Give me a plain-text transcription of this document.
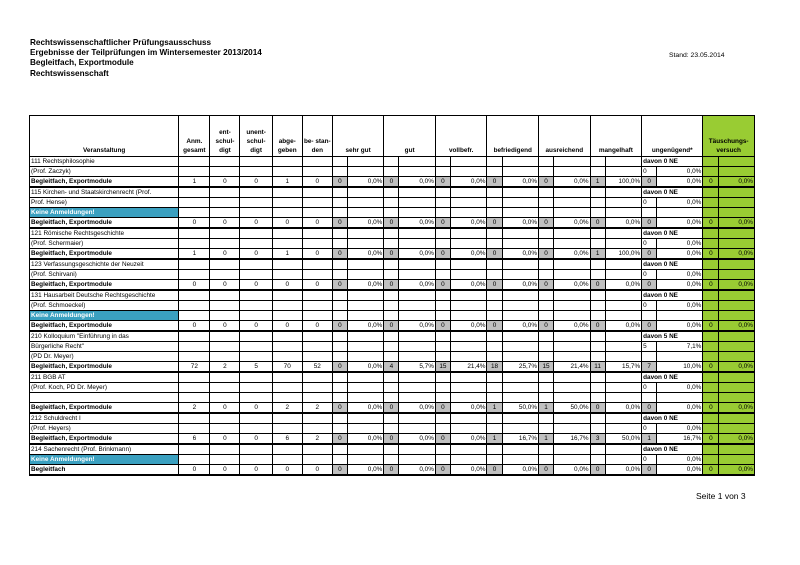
Rechtswissenschaftlicher Prüfungsausschuss
Ergebnisse der Teilprüfungen im Wintersemester 2013/2014
Begleitfach, Exportmodule
Rechtswissenschaft
Stand: 23.05.2014
Veranstaltung	Anm. gesamt	ent- schul- digt	unent- schul- digt	abge- geben	be- stan- den	sehr gut		gut		vollbefr.		befriedigend		ausreichend		mangelhaft		ungenügend*		Täuschungs- versuch	
111 Rechtsphilosophie																		davon 0 NE			
(Prof. Zaczyk)																		0	0,0%		
Begleitfach, Exportmodule	1	0	0	1	0	0	0,0%	0	0,0%	0	0,0%	0	0,0%	0	0,0%	1	100,0%	0	0,0%	0	0,0%
115 Kirchen- und Staatskirchenrecht (Prof.																		davon 0 NE			
Prof. Hense)																		0	0,0%		
Keine Anmeldungen!																					
Begleitfach, Exportmodule	0	0	0	0	0	0	0,0%	0	0,0%	0	0,0%	0	0,0%	0	0,0%	0	0,0%	0	0,0%	0	0,0%
121 Römische Rechtsgeschichte																		davon 0 NE			
(Prof. Schermaier)																		0	0,0%		
Begleitfach, Exportmodule	1	0	0	1	0	0	0,0%	0	0,0%	0	0,0%	0	0,0%	0	0,0%	1	100,0%	0	0,0%	0	0,0%
123 Verfassungsgeschichte der Neuzeit																		davon 0 NE			
(Prof. Schirvani)																		0	0,0%		
Begleitfach, Exportmodule	0	0	0	0	0	0	0,0%	0	0,0%	0	0,0%	0	0,0%	0	0,0%	0	0,0%	0	0,0%	0	0,0%
131 Hausarbeit Deutsche Rechtsgeschichte																		davon 0 NE			
(Prof. Schmoeckel)																		0	0,0%		
Keine Anmeldungen!																					
Begleitfach, Exportmodule	0	0	0	0	0	0	0,0%	0	0,0%	0	0,0%	0	0,0%	0	0,0%	0	0,0%	0	0,0%	0	0,0%
210 Kolloquium "Einführung in das																		davon 5 NE			
Bürgerliche Recht"																		5	7,1%		
(PD Dr. Meyer)																					
Begleitfach, Exportmodule	72	2	5	70	52	0	0,0%	4	5,7%	15	21,4%	18	25,7%	15	21,4%	11	15,7%	7	10,0%	0	0,0%
211 BGB AT																		davon 0 NE			
(Prof. Koch, PD Dr. Meyer)																		0	0,0%		

Begleitfach, Exportmodule	2	0	0	2	2	0	0,0%	0	0,0%	0	0,0%	1	50,0%	1	50,0%	0	0,0%	0	0,0%	0	0,0%
212 Schuldrecht I																		davon 0 NE			
(Prof. Heyers)																		0	0,0%		
Begleitfach, Exportmodule	6	0	0	6	2	0	0,0%	0	0,0%	0	0,0%	1	16,7%	1	16,7%	3	50,0%	1	16,7%	0	0,0%
214 Sachenrecht (Prof. Brinkmann)																		davon 0 NE			
Keine Anmeldungen!																		0	0,0%		
Begleitfach	0	0	0	0	0	0	0,0%	0	0,0%	0	0,0%	0	0,0%	0	0,0%	0	0,0%	0	0,0%	0	0,0%
Seite 1 von 3
